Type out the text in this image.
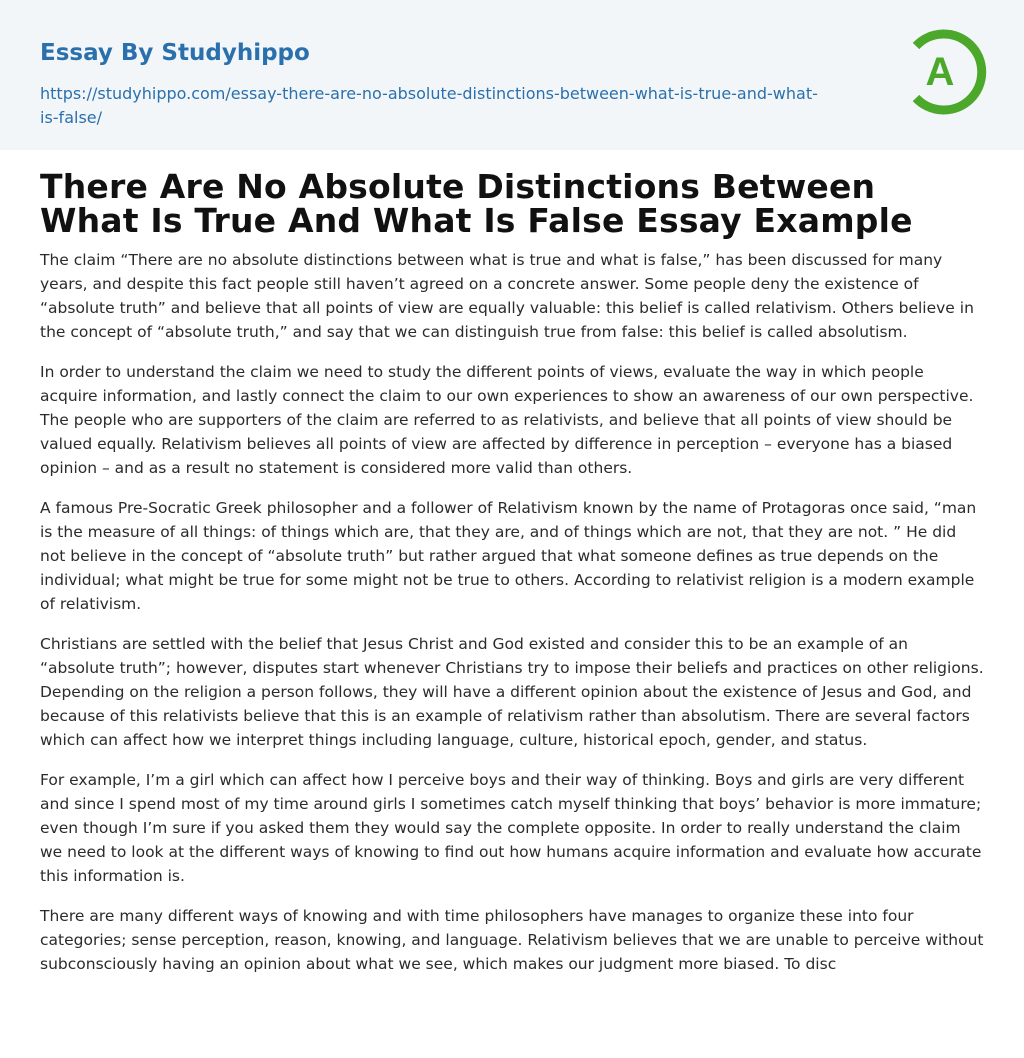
Essay By Studyhippo
https://studyhippo.com/essay-there-are-no-absolute-distinctions-between-what-is-true-and-what-is-false/
A
There Are No Absolute Distinctions Between What Is True And What Is False Essay Example

The claim “There are no absolute distinctions between what is true and what is false,” has been discussed for many years, and despite this fact people still haven’t agreed on a concrete answer. Some people deny the existence of “absolute truth” and believe that all points of view are equally valuable: this belief is called relativism. Others believe in the concept of “absolute truth,” and say that we can distinguish true from false: this belief is called absolutism.

In order to understand the claim we need to study the different points of views, evaluate the way in which people acquire information, and lastly connect the claim to our own experiences to show an awareness of our own perspective. The people who are supporters of the claim are referred to as relativists, and believe that all points of view should be valued equally. Relativism believes all points of view are affected by difference in perception – everyone has a biased opinion – and as a result no statement is considered more valid than others.

A famous Pre-Socratic Greek philosopher and a follower of Relativism known by the name of Protagoras once said, “man is the measure of all things: of things which are, that they are, and of things which are not, that they are not. ” He did not believe in the concept of “absolute truth” but rather argued that what someone defines as true depends on the individual; what might be true for some might not be true to others. According to relativist religion is a modern example of relativism.

Christians are settled with the belief that Jesus Christ and God existed and consider this to be an example of an “absolute truth”; however, disputes start whenever Christians try to impose their beliefs and practices on other religions. Depending on the religion a person follows, they will have a different opinion about the existence of Jesus and God, and because of this relativists believe that this is an example of relativism rather than absolutism. There are several factors which can affect how we interpret things including language, culture, historical epoch, gender, and status.

For example, I’m a girl which can affect how I perceive boys and their way of thinking. Boys and girls are very different and since I spend most of my time around girls I sometimes catch myself thinking that boys’ behavior is more immature; even though I’m sure if you asked them they would say the complete opposite. In order to really understand the claim we need to look at the different ways of knowing to find out how humans acquire information and evaluate how accurate this information is.

There are many different ways of knowing and with time philosophers have manages to organize these into four categories; sense perception, reason, knowing, and language. Relativism believes that we are unable to perceive without subconsciously having an opinion about what we see, which makes our judgment more biased. To disc
